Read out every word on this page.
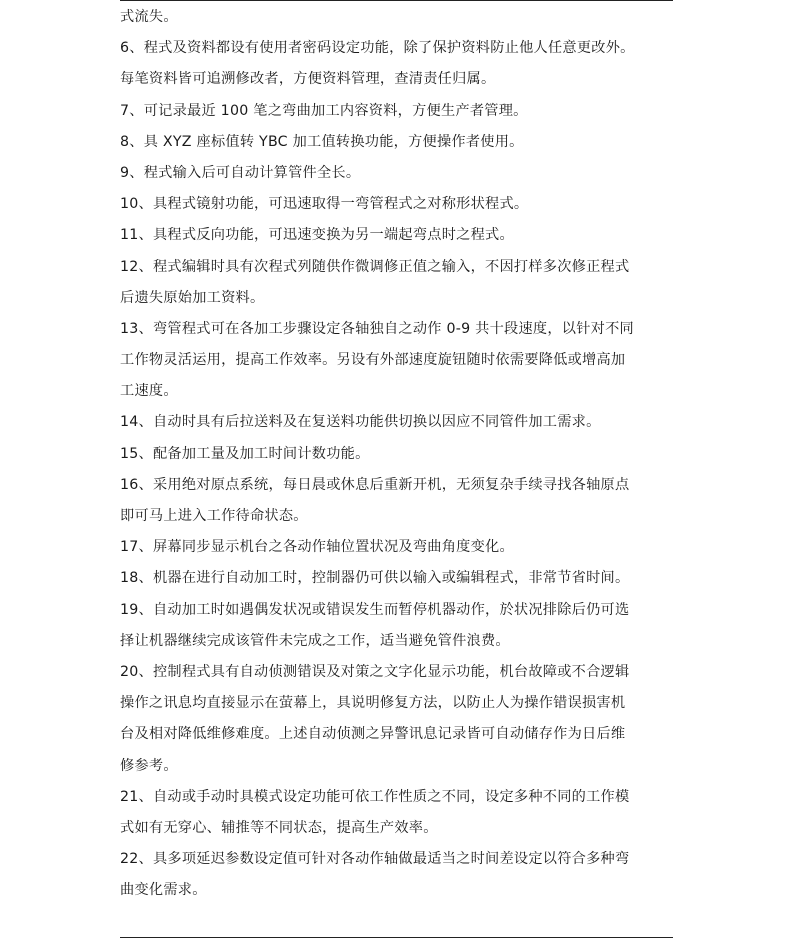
式流失。
6、程式及资料都设有使用者密码设定功能，除了保护资料防止他人任意更改外。
每笔资料皆可追溯修改者，方便资料管理，查清责任归属。
7、可记录最近 100 笔之弯曲加工内容资料，方便生产者管理。
8、具 XYZ 座标值转 YBC 加工值转换功能，方便操作者使用。
9、程式输入后可自动计算管件全长。
10、具程式镜射功能，可迅速取得一弯管程式之对称形状程式。
11、具程式反向功能，可迅速变换为另一端起弯点时之程式。
12、程式编辑时具有次程式列随供作微调修正值之输入，不因打样多次修正程式
后遗失原始加工资料。
13、弯管程式可在各加工步骤设定各轴独自之动作 0-9 共十段速度，以针对不同
工作物灵活运用，提高工作效率。另设有外部速度旋钮随时依需要降低或增高加
工速度。
14、自动时具有后拉送料及在复送料功能供切换以因应不同管件加工需求。
15、配备加工量及加工时间计数功能。
16、采用绝对原点系统，每日晨或休息后重新开机，无须复杂手续寻找各轴原点
即可马上进入工作待命状态。
17、屏幕同步显示机台之各动作轴位置状况及弯曲角度变化。
18、机器在进行自动加工时，控制器仍可供以输入或编辑程式，非常节省时间。
19、自动加工时如遇偶发状况或错误发生而暂停机器动作，於状况排除后仍可选
择让机器继续完成该管件未完成之工作，适当避免管件浪费。
20、控制程式具有自动侦测错误及对策之文字化显示功能，机台故障或不合逻辑
操作之讯息均直接显示在萤幕上，具说明修复方法，以防止人为操作错误损害机
台及相对降低维修难度。上述自动侦测之异警讯息记录皆可自动储存作为日后维
修参考。
21、自动或手动时具模式设定功能可依工作性质之不同，设定多种不同的工作模
式如有无穿心、辅推等不同状态，提高生产效率。
22、具多项延迟参数设定值可针对各动作轴做最适当之时间差设定以符合多种弯
曲变化需求。
